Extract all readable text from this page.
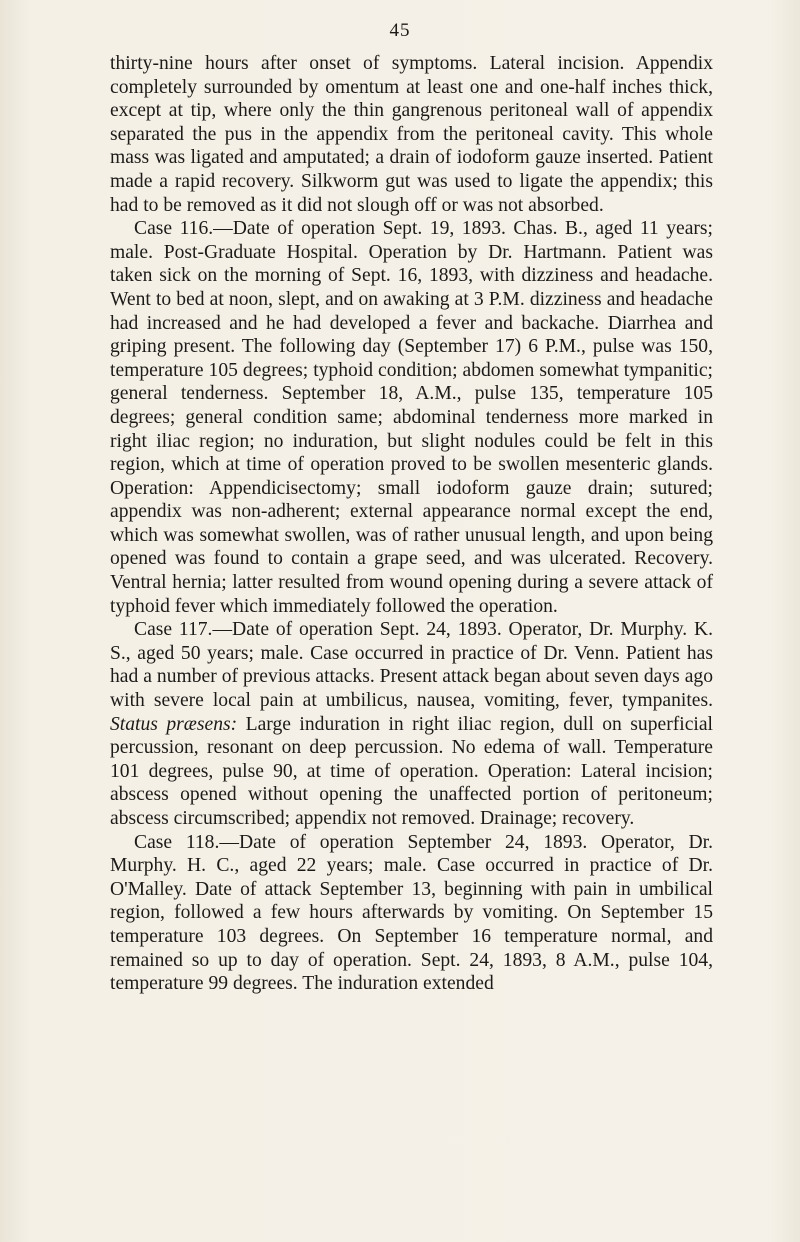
45

thirty-nine hours after onset of symptoms. Lateral incision. Appendix completely surrounded by omentum at least one and one-half inches thick, except at tip, where only the thin gangrenous peritoneal wall of appendix separated the pus in the appendix from the peritoneal cavity. This whole mass was ligated and amputated; a drain of iodoform gauze inserted. Patient made a rapid recovery. Silkworm gut was used to ligate the appendix; this had to be removed as it did not slough off or was not absorbed.

Case 116.—Date of operation Sept. 19, 1893. Chas. B., aged 11 years; male. Post-Graduate Hospital. Operation by Dr. Hartmann. Patient was taken sick on the morning of Sept. 16, 1893, with dizziness and headache. Went to bed at noon, slept, and on awaking at 3 P.M. dizziness and headache had increased and he had developed a fever and backache. Diarrhea and griping present. The following day (September 17) 6 P.M., pulse was 150, temperature 105 degrees; typhoid condition; abdomen somewhat tympanitic; general tenderness. September 18, A.M., pulse 135, temperature 105 degrees; general condition same; abdominal tenderness more marked in right iliac region; no induration, but slight nodules could be felt in this region, which at time of operation proved to be swollen mesenteric glands. Operation: Appendicisectomy; small iodoform gauze drain; sutured; appendix was non-adherent; external appearance normal except the end, which was somewhat swollen, was of rather unusual length, and upon being opened was found to contain a grape seed, and was ulcerated. Recovery. Ventral hernia; latter resulted from wound opening during a severe attack of typhoid fever which immediately followed the operation.

Case 117.—Date of operation Sept. 24, 1893. Operator, Dr. Murphy. K. S., aged 50 years; male. Case occurred in practice of Dr. Venn. Patient has had a number of previous attacks. Present attack began about seven days ago with severe local pain at umbilicus, nausea, vomiting, fever, tympanites. Status præsens: Large induration in right iliac region, dull on superficial percussion, resonant on deep percussion. No edema of wall. Temperature 101 degrees, pulse 90, at time of operation. Operation: Lateral incision; abscess opened without opening the unaffected portion of peritoneum; abscess circumscribed; appendix not removed. Drainage; recovery.

Case 118.—Date of operation September 24, 1893. Operator, Dr. Murphy. H. C., aged 22 years; male. Case occurred in practice of Dr. O'Malley. Date of attack September 13, beginning with pain in umbilical region, followed a few hours afterwards by vomiting. On September 15 temperature 103 degrees. On September 16 temperature normal, and remained so up to day of operation. Sept. 24, 1893, 8 A.M., pulse 104, temperature 99 degrees. The induration extended
